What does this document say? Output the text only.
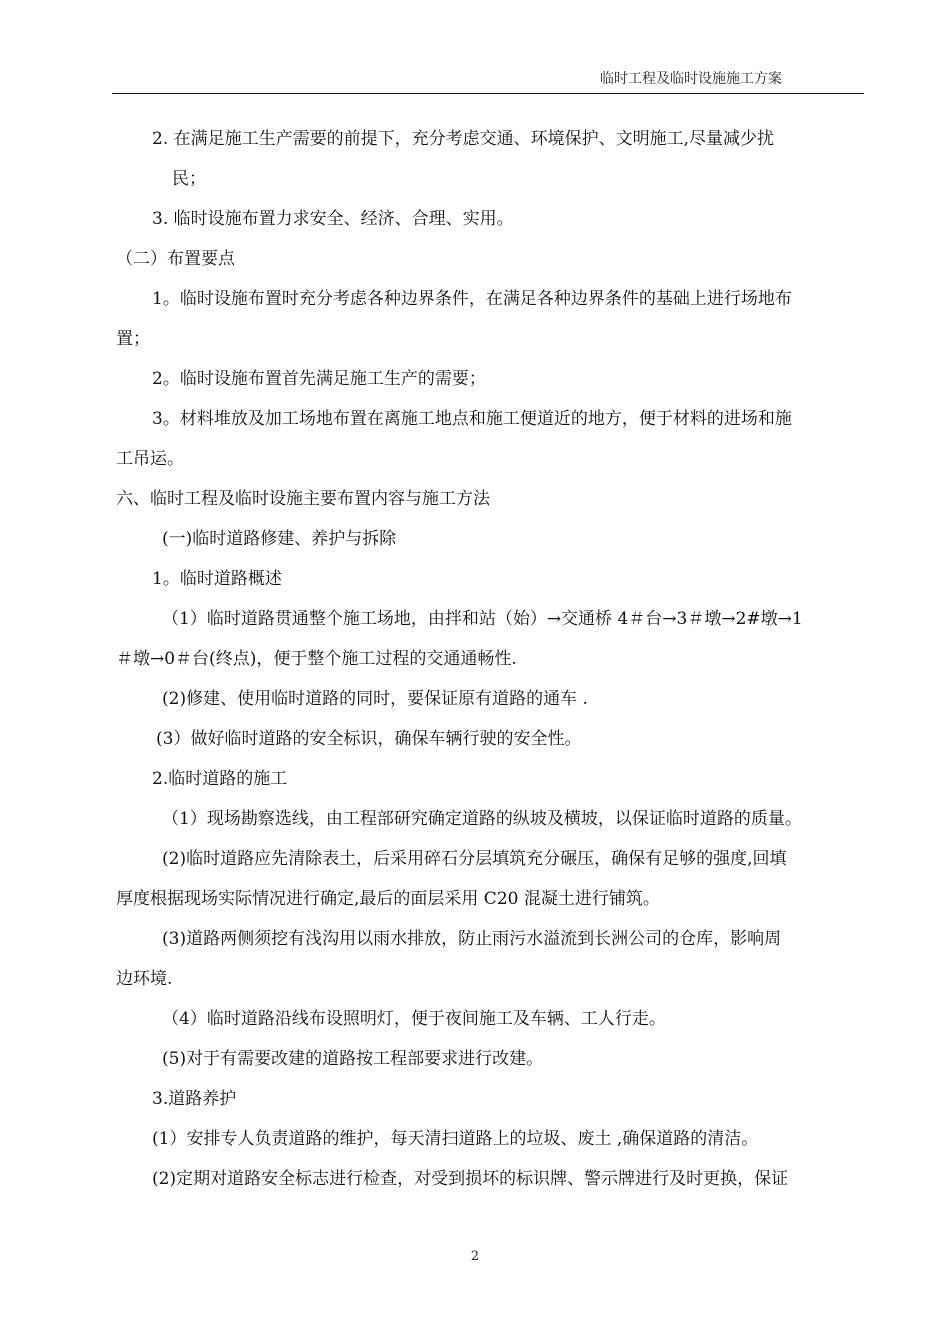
临时工程及临时设施施工方案
2. 在满足施工生产需要的前提下，充分考虑交通、环境保护、文明施工,尽量减少扰
民；
3. 临时设施布置力求安全、经济、合理、实用。
（二）布置要点
1。临时设施布置时充分考虑各种边界条件，在满足各种边界条件的基础上进行场地布
置；
2。临时设施布置首先满足施工生产的需要；
3。材料堆放及加工场地布置在离施工地点和施工便道近的地方，便于材料的进场和施
工吊运。
六、临时工程及临时设施主要布置内容与施工方法
(一)临时道路修建、养护与拆除
1。临时道路概述
（1）临时道路贯通整个施工场地，由拌和站（始）→交通桥 4＃台→3＃墩→2#墩→1
＃墩→0＃台(终点)，便于整个施工过程的交通通畅性.
(2)修建、使用临时道路的同时，要保证原有道路的通车 .
(3）做好临时道路的安全标识，确保车辆行驶的安全性。
2.临时道路的施工
（1）现场勘察选线，由工程部研究确定道路的纵坡及横坡，以保证临时道路的质量。
(2)临时道路应先清除表土，后采用碎石分层填筑充分碾压，确保有足够的强度,回填
厚度根据现场实际情况进行确定,最后的面层采用 C20 混凝土进行铺筑。
(3)道路两侧须挖有浅沟用以雨水排放，防止雨污水溢流到长洲公司的仓库，影响周
边环境.
（4）临时道路沿线布设照明灯，便于夜间施工及车辆、工人行走。
(5)对于有需要改建的道路按工程部要求进行改建。
3.道路养护
(1）安排专人负责道路的维护，每天清扫道路上的垃圾、废土 ,确保道路的清洁。
(2)定期对道路安全标志进行检查，对受到损坏的标识牌、警示牌进行及时更换，保证
2
